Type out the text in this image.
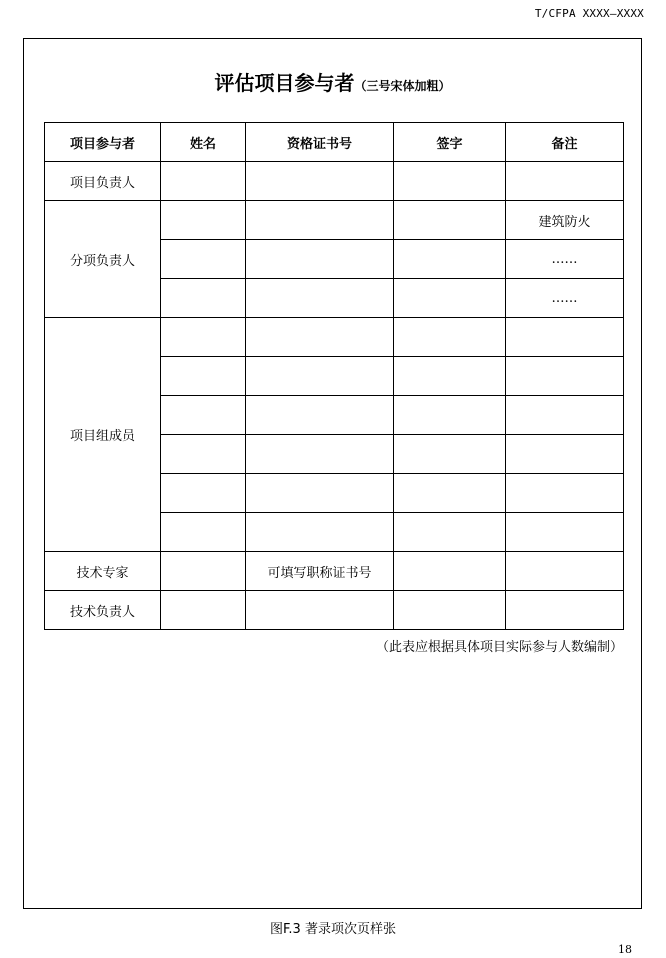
T/CFPA XXXX—XXXX
评估项目参与者（三号宋体加粗）
项目参与者	姓名	资格证书号	签字	备注
项目负责人				
分项负责人				建筑防火
				……
				……
项目组成员				

技术专家		可填写职称证书号		
技术负责人				
（此表应根据具体项目实际参与人数编制）
图F.3 著录项次页样张
18
